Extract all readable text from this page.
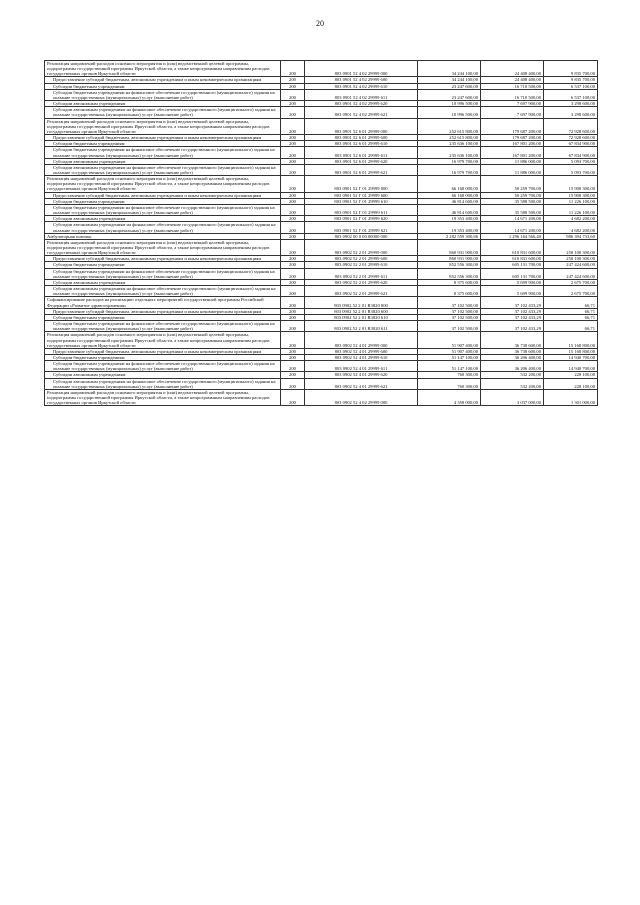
20
Реализация направлений расходов основного мероприятия и (или) ведомственной целевой программы, подпрограммы государственной программы Иркутской области, а также непрограммным направлениям расходов государственных органов Иркутской области	200	803 0901 52 4 02 29999 000	34 244 100,00	24 408 400,00	9 835 700,00
Предоставление субсидий бюджетным, автономным учреждениям и иным некоммерческим организациям	200	803 0901 52 4 02 29999 600	34 244 100,00	24 408 400,00	9 835 700,00
Субсидии бюджетным учреждениям	200	803 0901 52 4 02 29999 610	23 247 600,00	16 710 500,00	6 537 100,00
Субсидии бюджетным учреждениям на финансовое обеспечение государственного (муниципального) задания на оказание государственных (муниципальных) услуг (выполнение работ)	200	803 0901 52 4 02 29999 611	23 247 600,00	16 710 500,00	6 537 100,00
Субсидии автономным учреждениям	200	803 0901 52 4 02 29999 620	10 996 500,00	7 697 900,00	3 298 600,00
Субсидии автономным учреждениям на финансовое обеспечение государственного (муниципального) задания на оказание государственных (муниципальных) услуг (выполнение работ)	200	803 0901 52 4 02 29999 621	10 996 500,00	7 697 900,00	3 298 600,00
Реализация направлений расходов основного мероприятия и (или) ведомственной целевой программы, подпрограммы государственной программы Иркутской области, а также непрограммным направлениям расходов государственных органов Иркутской области	200	803 0901 52 6 01 29999 000	252 615 800,00	179 687 200,00	72 928 600,00
Предоставление субсидий бюджетным, автономным учреждениям и иным некоммерческим организациям	200	803 0901 52 6 01 29999 600	252 615 800,00	179 687 200,00	72 928 600,00
Субсидии бюджетным учреждениям	200	803 0901 52 6 01 29999 610	235 636 100,00	167 801 200,00	67 834 900,00
Субсидии бюджетным учреждениям на финансовое обеспечение государственного (муниципального) задания на оказание государственных (муниципальных) услуг (выполнение работ)	200	803 0901 52 6 01 29999 611	235 636 100,00	167 801 200,00	67 834 900,00
Субсидии автономным учреждениям	200	803 0901 52 6 01 29999 620	16 979 700,00	11 886 000,00	5 093 700,00
Субсидии автономным учреждениям на финансовое обеспечение государственного (муниципального) задания на оказание государственных (муниципальных) услуг (выполнение работ)	200	803 0901 52 6 01 29999 621	16 979 700,00	11 886 000,00	5 093 700,00
Реализация направлений расходов основного мероприятия и (или) ведомственной целевой программы, подпрограммы государственной программы Иркутской области, а также непрограммным направлениям расходов государственных органов Иркутской области	200	803 0901 52 Г 01 29999 000	66 168 000,00	50 259 700,00	15 908 300,00
Предоставление субсидий бюджетным, автономным учреждениям и иным некоммерческим организациям	200	803 0901 52 Г 01 29999 600	66 168 000,00	50 259 700,00	15 908 300,00
Субсидии бюджетным учреждениям	200	803 0901 52 Г 01 29999 610	46 814 600,00	35 588 500,00	11 226 100,00
Субсидии бюджетным учреждениям на финансовое обеспечение государственного (муниципального) задания на оказание государственных (муниципальных) услуг (выполнение работ)	200	803 0901 52 Г 01 29999 611	46 814 600,00	35 588 500,00	11 226 100,00
Субсидии автономным учреждениям	200	803 0901 52 Г 01 29999 620	19 353 400,00	14 671 200,00	4 682 200,00
Субсидии автономным учреждениям на финансовое обеспечение государственного (муниципального) задания на оказание государственных (муниципальных) услуг (выполнение работ)	200	803 0901 52 Г 01 29999 621	19 353 400,00	14 671 200,00	4 682 200,00
Амбулаторная помощь	200	803 0902 00 0 00 00000 000	2 282 559 300,86	1 296 164 566,40	986 394 733,60
Реализация направлений расходов основного мероприятия и (или) ведомственной целевой программы, подпрограммы государственной программы Иркутской области, а также непрограммным направлениям расходов государственных органов Иркутской области	200	803 0902 52 2 01 29999 000	860 931 900,00	610 831 600,00	250 100 300,00
Предоставление субсидий бюджетным, автономным учреждениям и иным некоммерческим организациям	200	803 0902 52 2 01 29999 600	860 931 900,00	610 831 600,00	250 100 300,00
Субсидии бюджетным учреждениям	200	803 0902 52 2 01 29999 610	852 556 300,00	605 131 700,00	247 424 600,00
Субсидии бюджетным учреждениям на финансовое обеспечение государственного (муниципального) задания на оказание государственных (муниципальных) услуг (выполнение работ)	200	803 0902 52 2 01 29999 611	852 556 300,00	605 131 700,00	247 424 600,00
Субсидии автономным учреждениям	200	803 0902 52 2 01 29999 620	8 375 600,00	5 699 900,00	2 675 700,00
Субсидии автономным учреждениям на финансовое обеспечение государственного (муниципального) задания на оказание государственных (муниципальных) услуг (выполнение работ)	200	803 0902 52 2 01 29999 621	8 375 600,00	5 699 900,00	2 675 700,00
Софинансирование расходов на реализацию отдельных мероприятий государственной программы Российской Федерации «Развитие здравоохранения»	200	803 0902 52 2 01 R3820 000	37 102 500,00	37 102 433,29	66,71
Предоставление субсидий бюджетным, автономным учреждениям и иным некоммерческим организациям	200	803 0902 52 2 01 R3820 600	37 102 500,00	37 102 433,29	66,71
Субсидии бюджетным учреждениям	200	803 0902 52 2 01 R3820 610	37 102 500,00	37 102 433,29	66,71
Субсидии бюджетным учреждениям на финансовое обеспечение государственного (муниципального) задания на оказание государственных (муниципальных) услуг (выполнение работ)	200	803 0902 52 2 01 R3820 611	37 102 500,00	37 102 433,29	66,71
Реализация направлений расходов основного мероприятия и (или) ведомственной целевой программы, подпрограммы государственной программы Иркутской области, а также непрограммным направлениям расходов государственных органов Иркутской области	200	803 0902 52 4 01 29999 000	51 907 400,00	36 738 600,00	15 168 800,00
Предоставление субсидий бюджетным, автономным учреждениям и иным некоммерческим организациям	200	803 0902 52 4 01 29999 600	51 907 400,00	36 738 600,00	15 168 800,00
Субсидии бюджетным учреждениям	200	803 0902 52 4 01 29999 610	51 147 100,00	36 206 400,00	14 940 700,00
Субсидии бюджетным учреждениям на финансовое обеспечение государственного (муниципального) задания на оказание государственных (муниципальных) услуг (выполнение работ)	200	803 0902 52 4 01 29999 611	51 147 100,00	36 206 400,00	14 940 700,00
Субсидии автономным учреждениям	200	803 0902 52 4 01 29999 620	760 300,00	532 200,00	228 100,00
Субсидии автономным учреждениям на финансовое обеспечение государственного (муниципального) задания на оказание государственных (муниципальных) услуг (выполнение работ)	200	803 0902 52 4 01 29999 621	760 300,00	532 200,00	228 100,00
Реализация направлений расходов основного мероприятия и (или) ведомственной целевой программы, подпрограммы государственной программы Иркутской области, а также непрограммным направлениям расходов государственных органов Иркутской области	200	803 0902 52 4 02 29999 000	4 358 000,00	3 037 000,00	1 301 000,00
